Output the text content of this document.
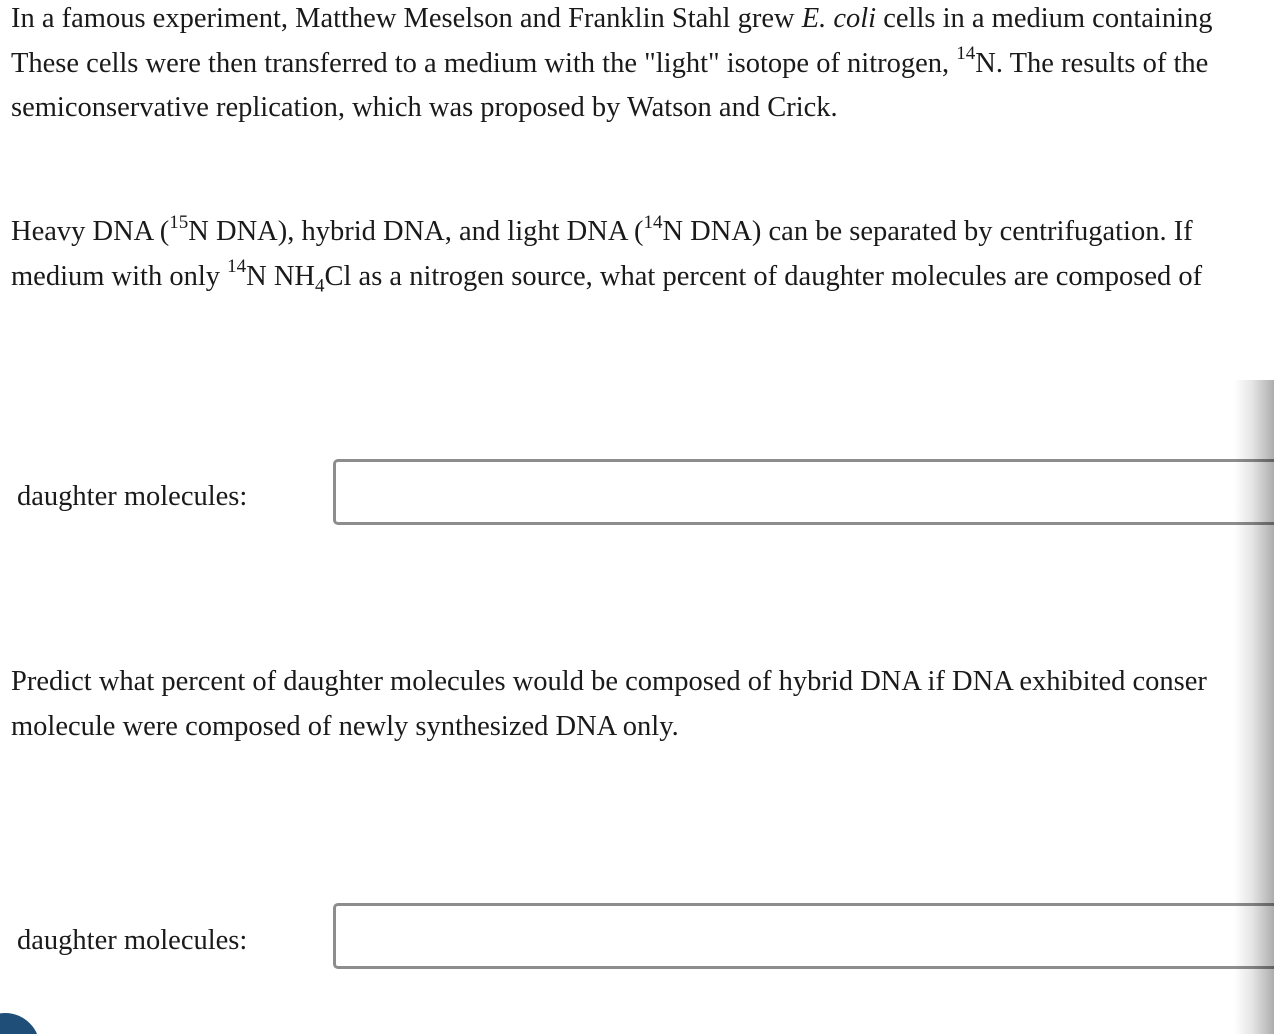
In a famous experiment, Matthew Meselson and Franklin Stahl grew E. coli cells in a medium containing
These cells were then transferred to a medium with the "light" isotope of nitrogen, $^{14}$N. The results of the
semiconservative replication, which was proposed by Watson and Crick.
Heavy DNA ($^{15}$N DNA), hybrid DNA, and light DNA ($^{14}$N DNA) can be separated by centrifugation. If
medium with only $^{14}$N $NH_4Cl$ as a nitrogen source, what percent of daughter molecules are composed of
daughter molecules:
Predict what percent of daughter molecules would be composed of hybrid DNA if DNA exhibited conser
molecule were composed of newly synthesized DNA only.
daughter molecules:
